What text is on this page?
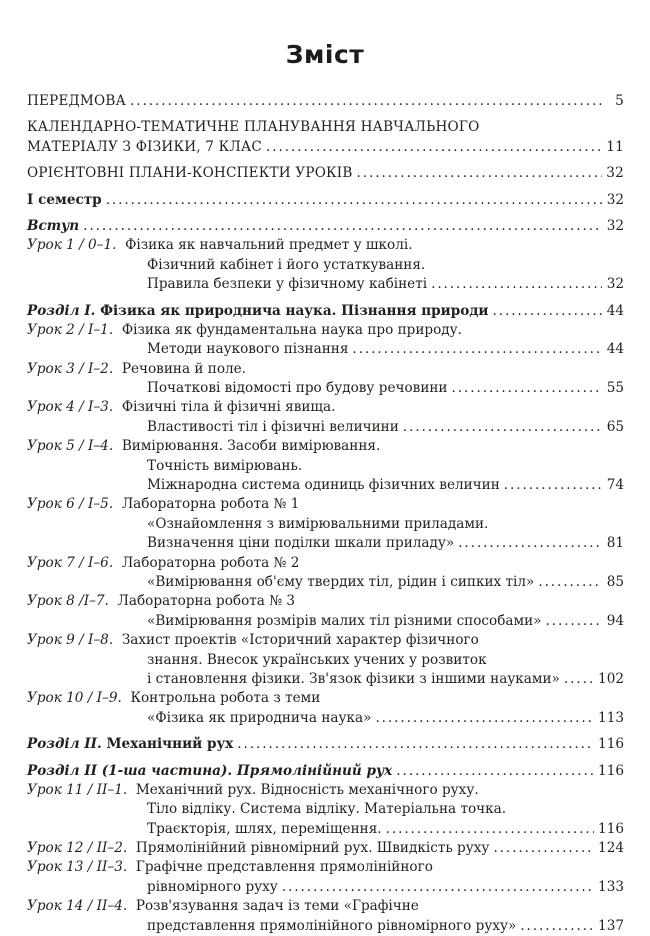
Зміст
ПЕРЕДМОВА . . .	5
КАЛЕНДАРНО-ТЕМАТИЧНЕ ПЛАНУВАННЯ НАВЧАЛЬНОГО
МАТЕРІАЛУ З ФІЗИКИ, 7 КЛАС . . .	11
ОРІЄНТОВНІ ПЛАНИ-КОНСПЕКТИ УРОКІВ . . .	32
І семестр . . .	32
Вступ . . .	32
Урок 1 / 0–1. Фізика як навчальний предмет у школі.
Фізичний кабінет і його устаткування.
Правила безпеки у фізичному кабінеті . . .	32
Розділ І. Фізика як природнича наука. Пізнання природи . . .	44
Урок 2 / І–1. Фізика як фундаментальна наука про природу.
Методи наукового пізнання . . .	44
Урок 3 / І–2. Речовина й поле.
Початкові відомості про будову речовини . . .	55
Урок 4 / І–3. Фізичні тіла й фізичні явища.
Властивості тіл і фізичні величини . . .	65
Урок 5 / І–4. Вимірювання. Засоби вимірювання.
Точність вимірювань.
Міжнародна система одиниць фізичних величин . . .	74
Урок 6 / І–5. Лабораторна робота № 1
«Ознайомлення з вимірювальними приладами.
Визначення ціни поділки шкали приладу» . . .	81
Урок 7 / І–6. Лабораторна робота № 2
«Вимірювання об'єму твердих тіл, рідин і сипких тіл» . . .	85
Урок 8 /І–7. Лабораторна робота № 3
«Вимірювання розмірів малих тіл різними способами» . . .	94
Урок 9 / І–8. Захист проектів «Історичний характер фізичного
знання. Внесок українських учених у розвиток
і становлення фізики. Зв'язок фізики з іншими науками» . . .	102
Урок 10 / І–9. Контрольна робота з теми
«Фізика як природнича наука» . . .	113
Розділ ІІ. Механічний рух . . .	116
Розділ ІІ (1-ша частина). Прямолінійний рух . . .	116
Урок 11 / ІІ–1. Механічний рух. Відносність механічного руху.
Тіло відліку. Система відліку. Матеріальна точка.
Траєкторія, шлях, переміщення. . . .	116
Урок 12 / ІІ–2. Прямолінійний рівномірний рух. Швидкість руху . . .	124
Урок 13 / ІІ–3. Графічне представлення прямолінійного
рівномірного руху . . .	133
Урок 14 / ІІ–4. Розв'язування задач із теми «Графічне
представлення прямолінійного рівномірного руху» . . .	137
